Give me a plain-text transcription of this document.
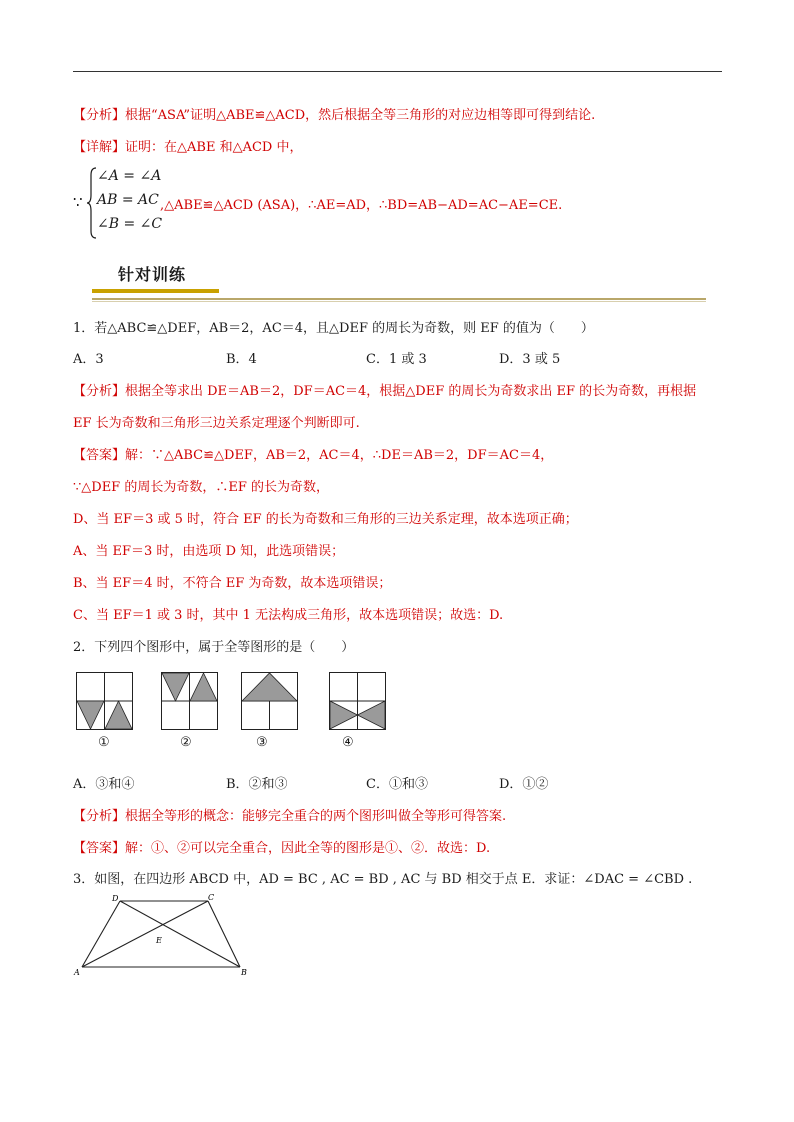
【分析】根据“ASA”证明△ABE≌△ACD，然后根据全等三角形的对应边相等即可得到结论.
【详解】证明：在△ABE 和△ACD 中，
∵
∠A = ∠A
AB = AC
∠B = ∠C
,△ABE≌△ACD (ASA)，∴AE=AD，∴BD=AB−AD=AC−AE=CE.
针对训练
1．若△ABC≌△DEF，AB＝2，AC＝4，且△DEF 的周长为奇数，则 EF 的值为（　　）
A．3	B．4	C．1 或 3	D．3 或 5
【分析】根据全等求出 DE＝AB＝2，DF＝AC＝4，根据△DEF 的周长为奇数求出 EF 的长为奇数，再根据
EF 长为奇数和三角形三边关系定理逐个判断即可.
【答案】解：∵△ABC≌△DEF，AB＝2，AC＝4，∴DE＝AB＝2，DF＝AC＝4，
∵△DEF 的周长为奇数，∴EF 的长为奇数，
D、当 EF＝3 或 5 时，符合 EF 的长为奇数和三角形的三边关系定理，故本选项正确；
A、当 EF＝3 时，由选项 D 知，此选项错误；
B、当 EF＝4 时，不符合 EF 为奇数，故本选项错误；
C、当 EF＝1 或 3 时，其中 1 无法构成三角形，故本选项错误；故选：D.
2．下列四个图形中，属于全等图形的是（　　）
①	②	③	④
A．③和④	B．②和③	C．①和③	D．①②
【分析】根据全等形的概念：能够完全重合的两个图形叫做全等形可得答案.
【答案】解：①、②可以完全重合，因此全等的图形是①、②．故选：D.
3．如图，在四边形 ABCD 中，AD = BC , AC = BD , AC 与 BD 相交于点 E．求证：∠DAC = ∠CBD .
D	C
E
A	B
